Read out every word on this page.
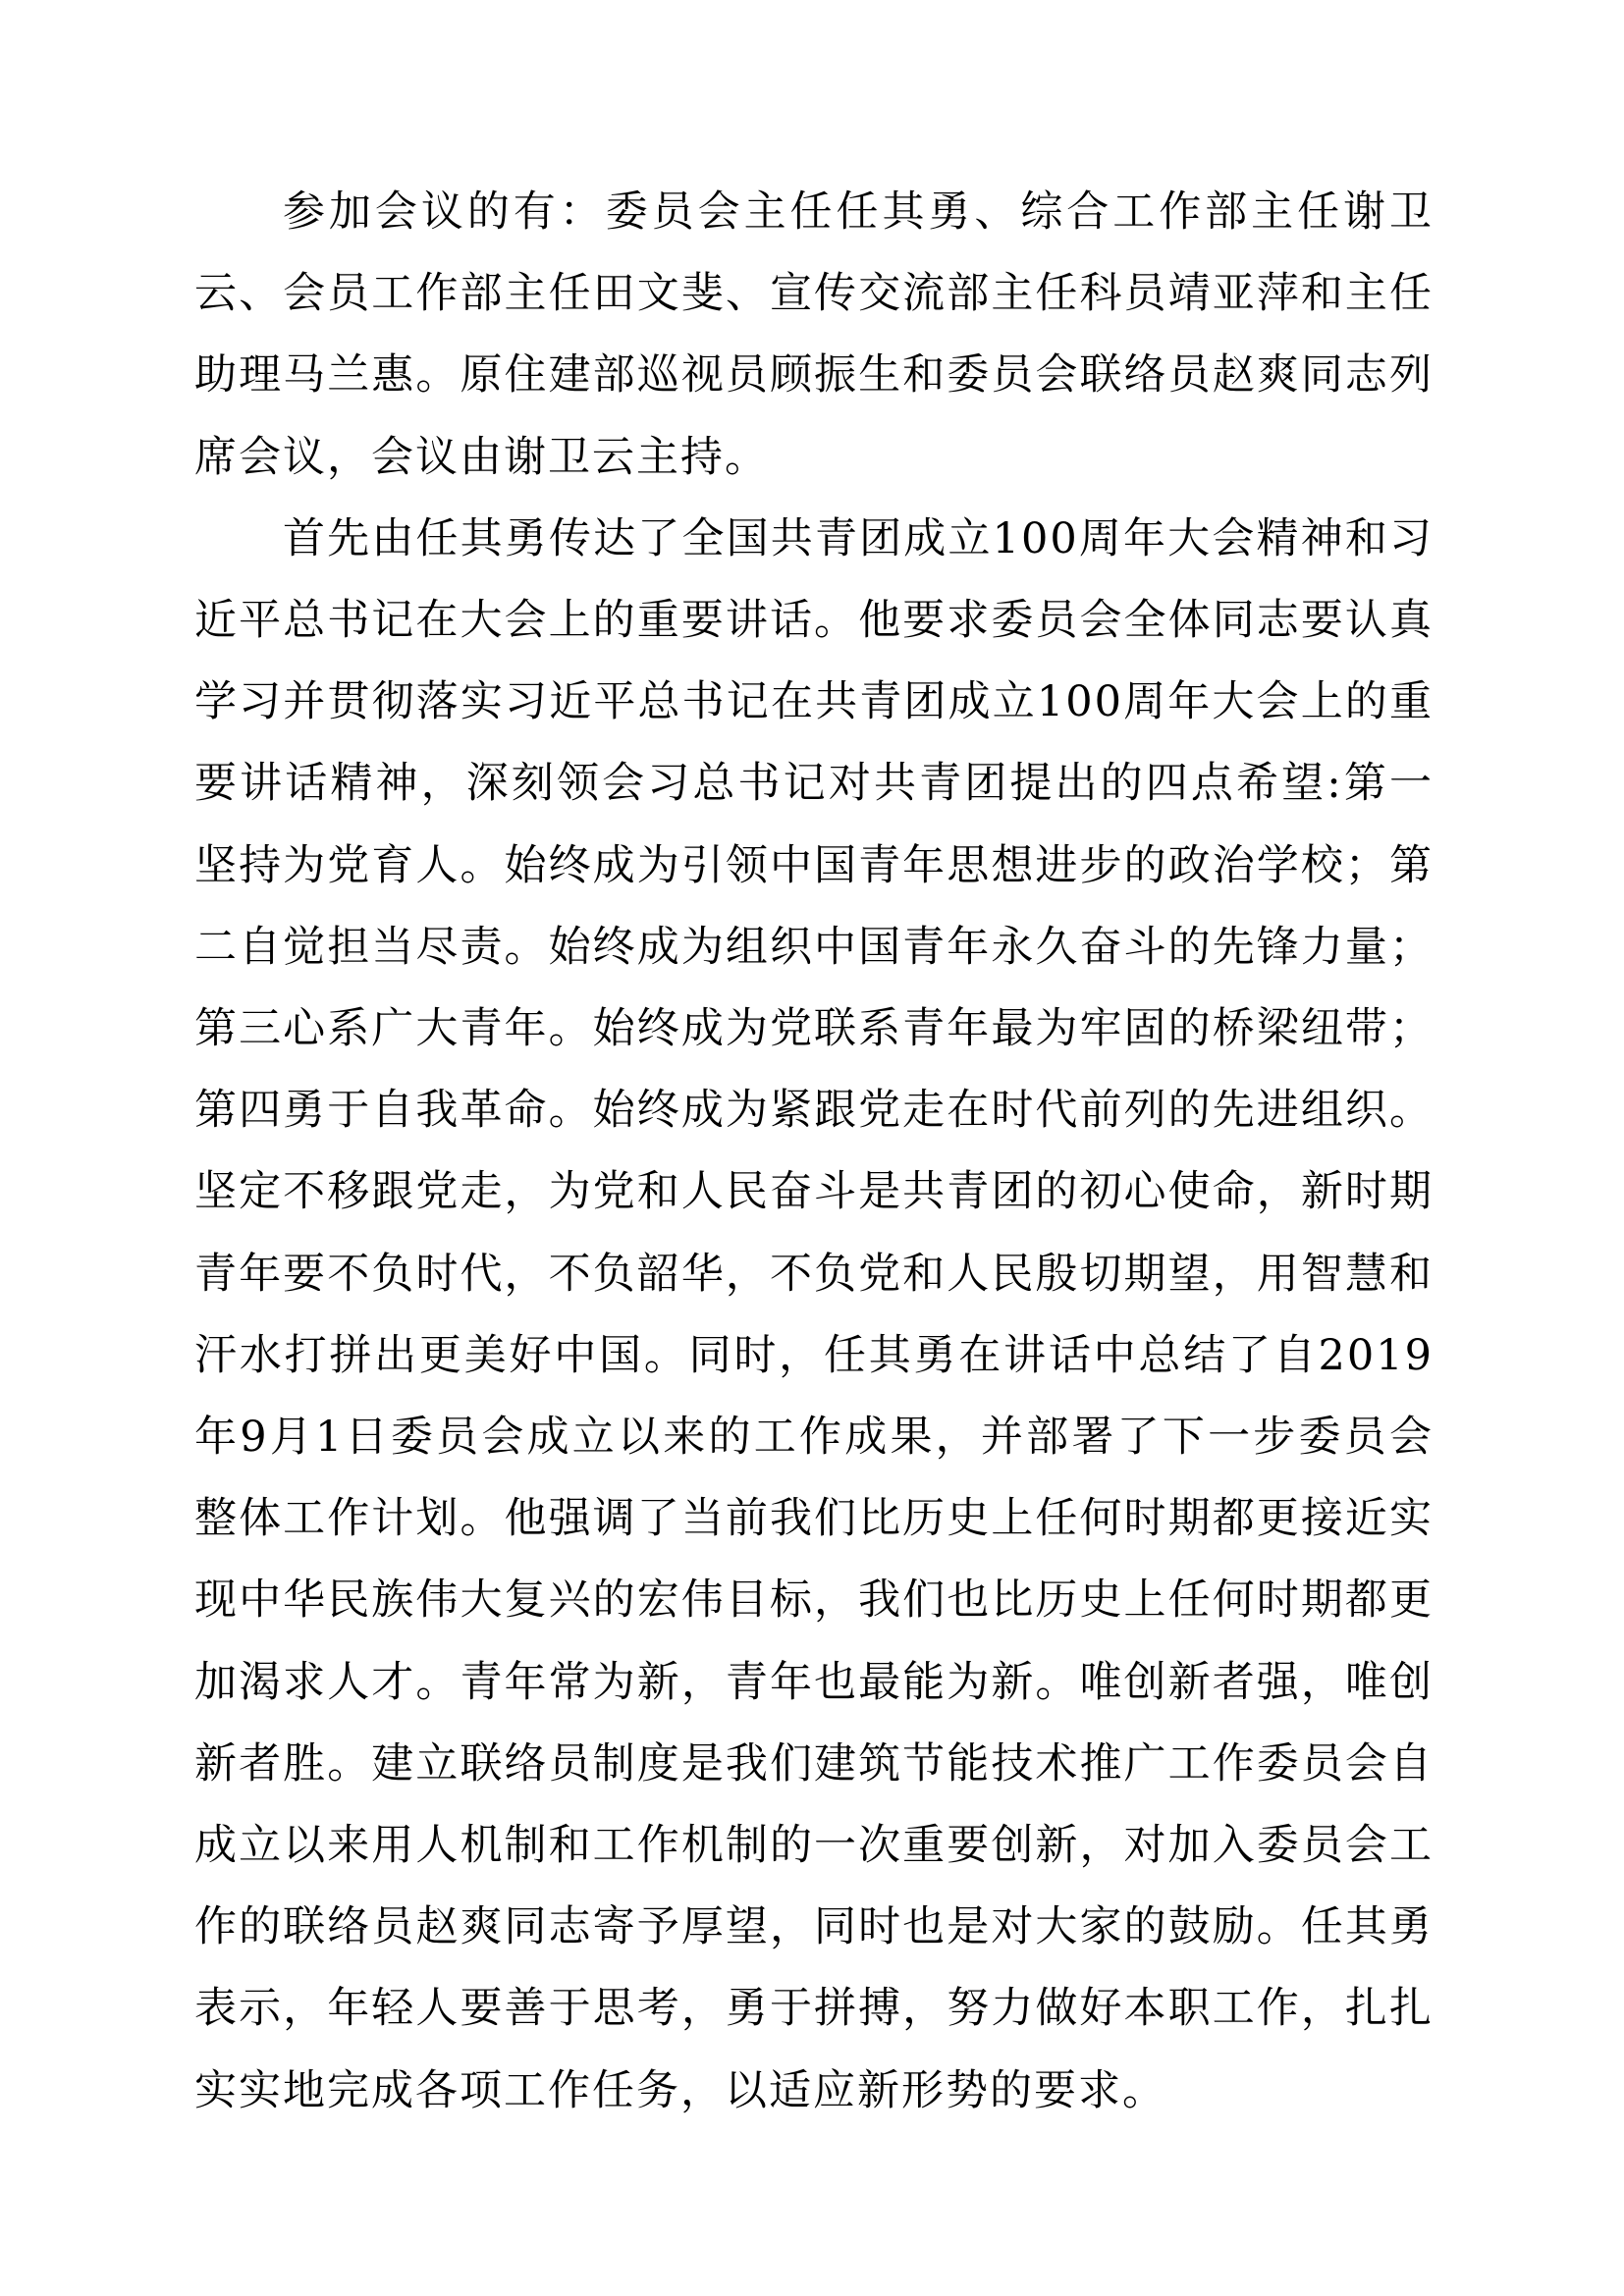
参加会议的有：委员会主任任其勇、综合工作部主任谢卫云、会员工作部主任田文斐、宣传交流部主任科员靖亚萍和主任助理马兰惠。原住建部巡视员顾振生和委员会联络员赵爽同志列席会议，会议由谢卫云主持。

首先由任其勇传达了全国共青团成立100周年大会精神和习近平总书记在大会上的重要讲话。他要求委员会全体同志要认真学习并贯彻落实习近平总书记在共青团成立100周年大会上的重要讲话精神，深刻领会习总书记对共青团提出的四点希望:第一坚持为党育人。始终成为引领中国青年思想进步的政治学校；第二自觉担当尽责。始终成为组织中国青年永久奋斗的先锋力量；第三心系广大青年。始终成为党联系青年最为牢固的桥梁纽带；第四勇于自我革命。始终成为紧跟党走在时代前列的先进组织。坚定不移跟党走，为党和人民奋斗是共青团的初心使命，新时期青年要不负时代，不负韶华，不负党和人民殷切期望，用智慧和汗水打拼出更美好中国。同时，任其勇在讲话中总结了自2019年9月1日委员会成立以来的工作成果，并部署了下一步委员会整体工作计划。他强调了当前我们比历史上任何时期都更接近实现中华民族伟大复兴的宏伟目标，我们也比历史上任何时期都更加渴求人才。青年常为新，青年也最能为新。唯创新者强，唯创新者胜。建立联络员制度是我们建筑节能技术推广工作委员会自成立以来用人机制和工作机制的一次重要创新，对加入委员会工作的联络员赵爽同志寄予厚望，同时也是对大家的鼓励。任其勇表示，年轻人要善于思考，勇于拼搏，努力做好本职工作，扎扎实实地完成各项工作任务，以适应新形势的要求。
